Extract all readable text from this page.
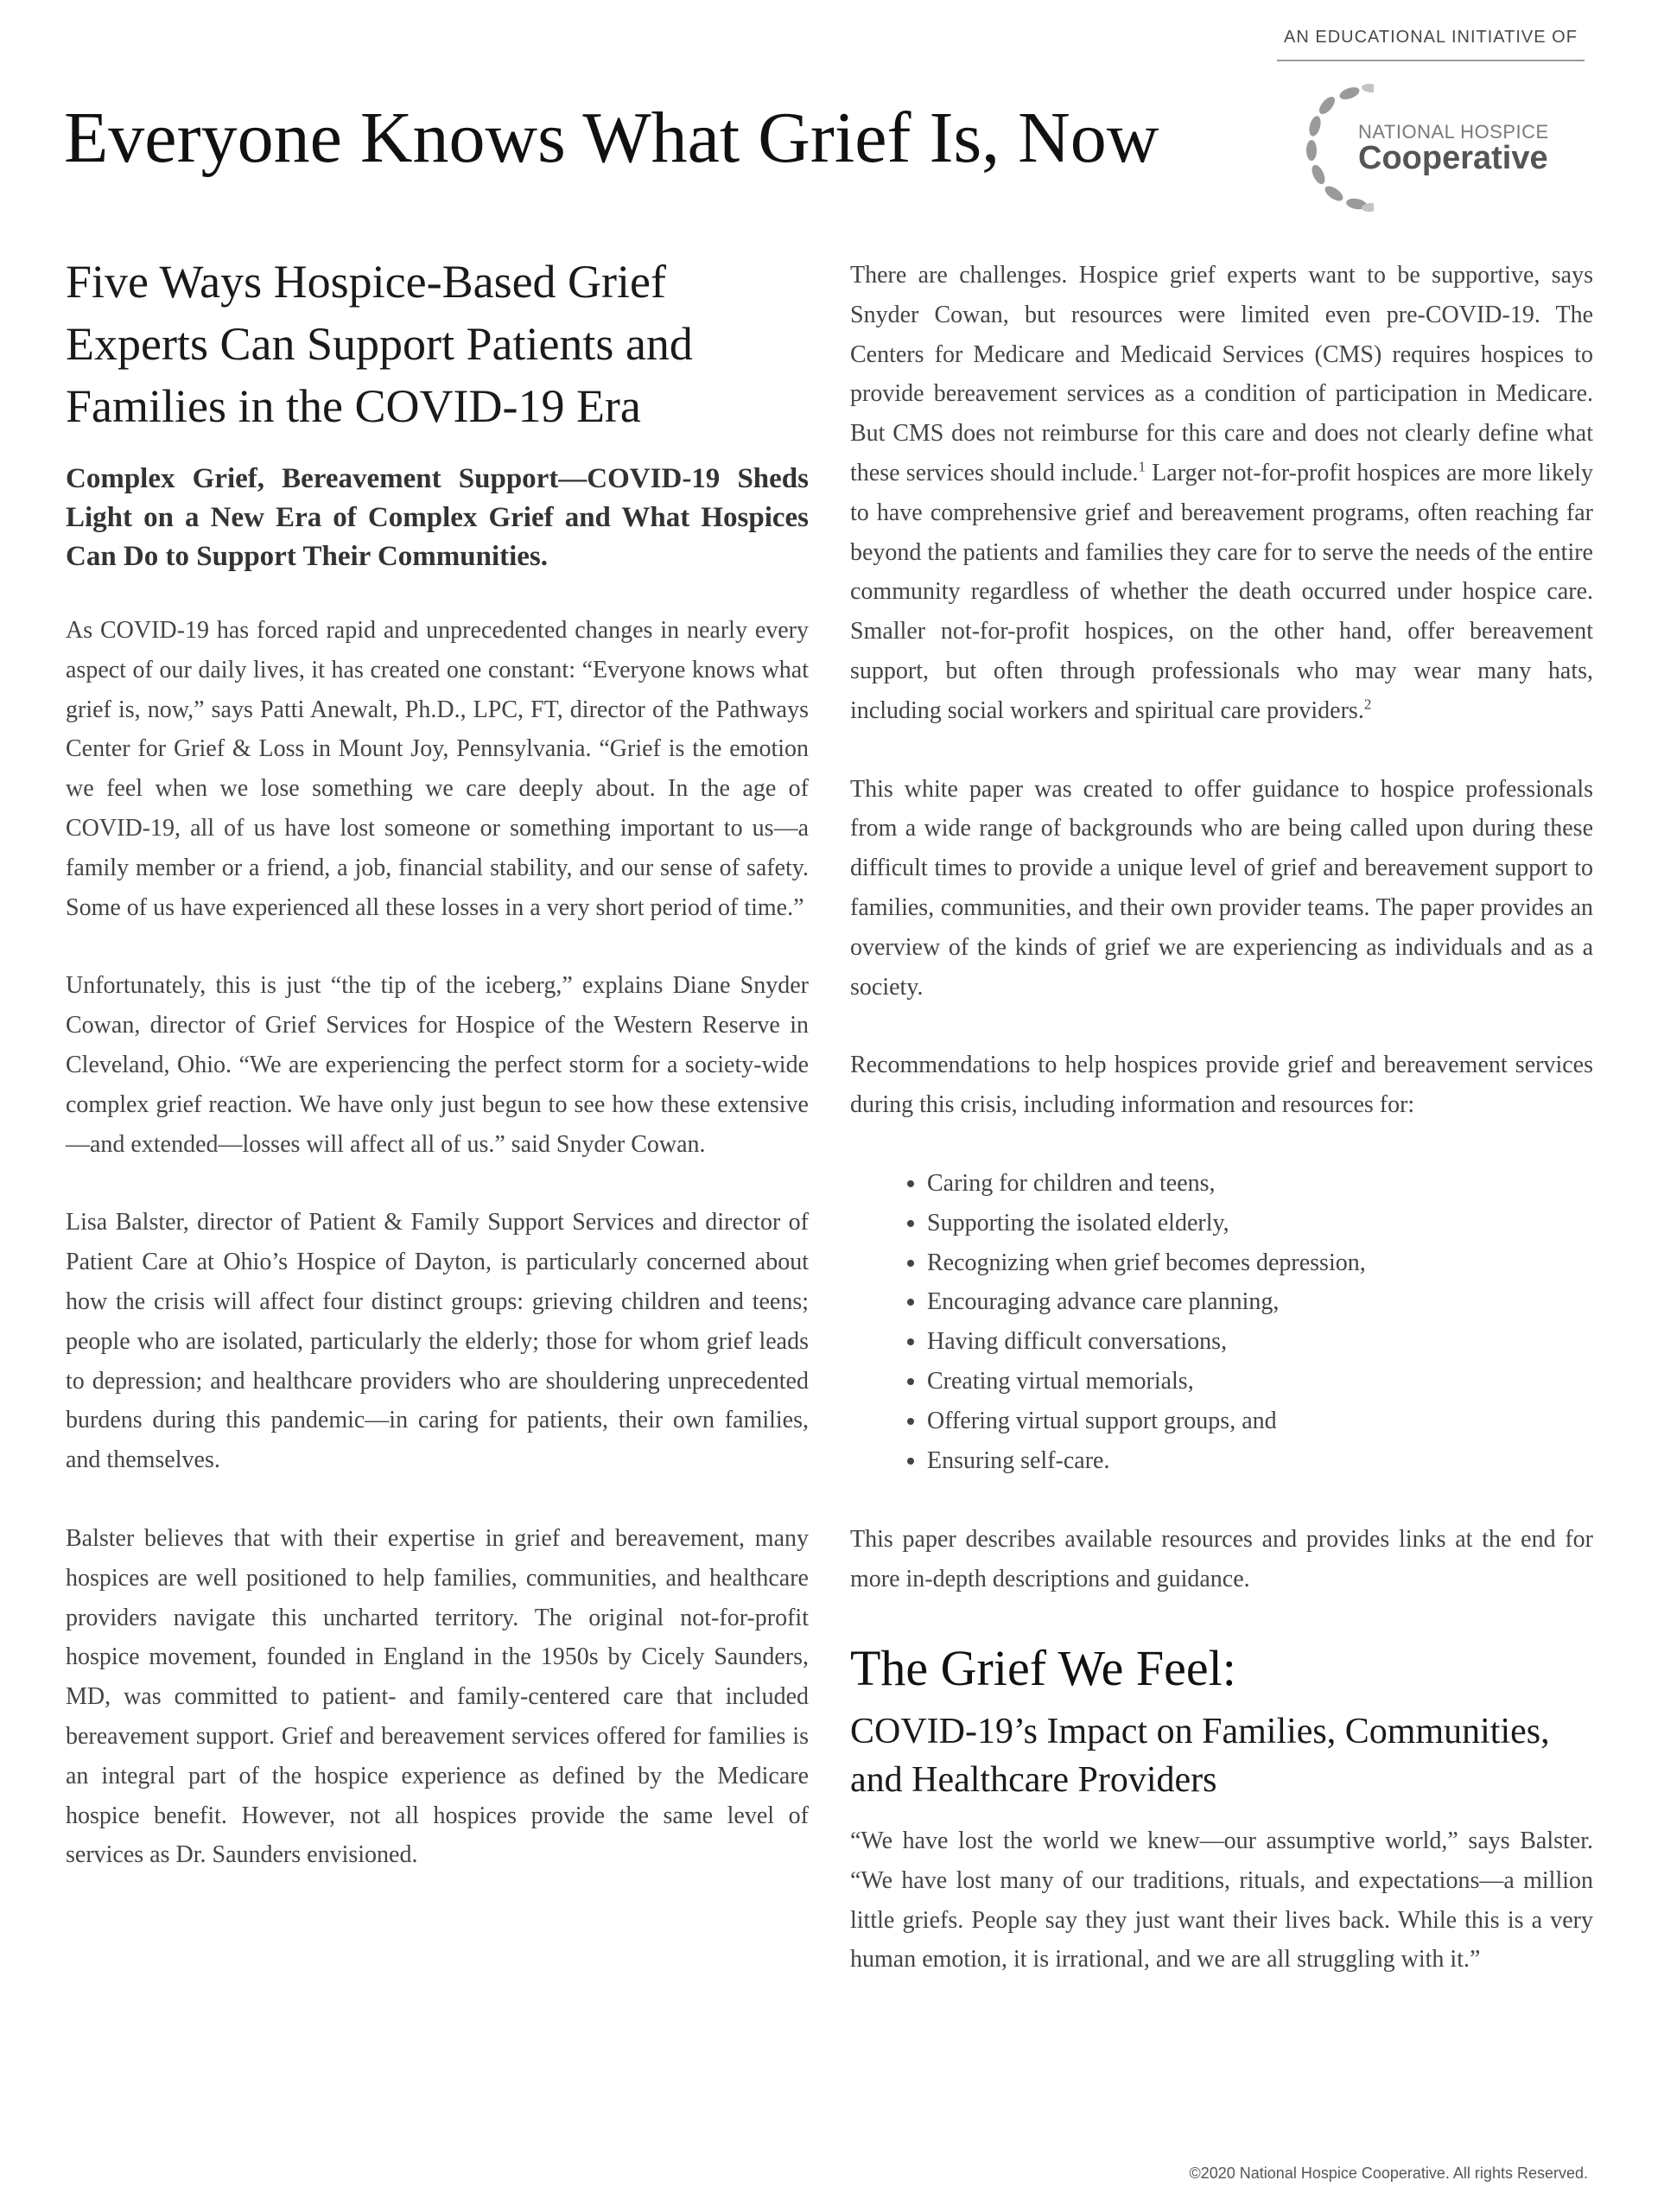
AN EDUCATIONAL INITIATIVE OF
Everyone Knows What Grief Is, Now	NATIONAL HOSPICE
Cooperative
Five Ways Hospice-Based Grief Experts Can Support Patients and Families in the COVID-19 Era
Complex Grief, Bereavement Support—COVID-19 Sheds Light on a New Era of Complex Grief and What Hospices Can Do to Support Their Communities.

As COVID-19 has forced rapid and unprecedented changes in nearly every aspect of our daily lives, it has created one constant: “Everyone knows what grief is, now,” says Patti Anewalt, Ph.D., LPC, FT, director of the Pathways Center for Grief & Loss in Mount Joy, Pennsylvania. “Grief is the emotion we feel when we lose something we care deeply about. In the age of COVID-19, all of us have lost someone or something important to us—a family member or a friend, a job, financial stability, and our sense of safety. Some of us have experienced all these losses in a very short period of time.”

Unfortunately, this is just “the tip of the iceberg,” explains Diane Snyder Cowan, director of Grief Services for Hospice of the Western Reserve in Cleveland, Ohio. “We are experiencing the perfect storm for a society-wide complex grief reaction. We have only just begun to see how these extensive—and extended—losses will affect all of us.” said Snyder Cowan.

Lisa Balster, director of Patient & Family Support Services and director of Patient Care at Ohio’s Hospice of Dayton, is particularly concerned about how the crisis will affect four distinct groups: grieving children and teens; people who are isolated, particularly the elderly; those for whom grief leads to depression; and healthcare providers who are shouldering unprecedented burdens during this pandemic—in caring for patients, their own families, and themselves.

Balster believes that with their expertise in grief and bereavement, many hospices are well positioned to help families, communities, and healthcare providers navigate this uncharted territory. The original not-for-profit hospice movement, founded in England in the 1950s by Cicely Saunders, MD, was committed to patient- and family-centered care that included bereavement support. Grief and bereavement services offered for families is an integral part of the hospice experience as defined by the Medicare hospice benefit. However, not all hospices provide the same level of services as Dr. Saunders envisioned.

There are challenges. Hospice grief experts want to be supportive, says Snyder Cowan, but resources were limited even pre-COVID-19. The Centers for Medicare and Medicaid Services (CMS) requires hospices to provide bereavement services as a condition of participation in Medicare. But CMS does not reimburse for this care and does not clearly define what these services should include.$^1$ Larger not-for-profit hospices are more likely to have comprehensive grief and bereavement programs, often reaching far beyond the patients and families they care for to serve the needs of the entire community regardless of whether the death occurred under hospice care. Smaller not-for-profit hospices, on the other hand, offer bereavement support, but often through professionals who may wear many hats, including social workers and spiritual care providers.$^2$

This white paper was created to offer guidance to hospice professionals from a wide range of backgrounds who are being called upon during these difficult times to provide a unique level of grief and bereavement support to families, communities, and their own provider teams. The paper provides an overview of the kinds of grief we are experiencing as individuals and as a society.

Recommendations to help hospices provide grief and bereavement services during this crisis, including information and resources for:

• Caring for children and teens,
• Supporting the isolated elderly,
• Recognizing when grief becomes depression,
• Encouraging advance care planning,
• Having difficult conversations,
• Creating virtual memorials,
• Offering virtual support groups, and
• Ensuring self-care.

This paper describes available resources and provides links at the end for more in-depth descriptions and guidance.

The Grief We Feel:
COVID-19’s Impact on Families, Communities, and Healthcare Providers

“We have lost the world we knew—our assumptive world,” says Balster. “We have lost many of our traditions, rituals, and expectations—a million little griefs. People say they just want their lives back. While this is a very human emotion, it is irrational, and we are all struggling with it.”

©2020 National Hospice Cooperative. All rights Reserved.
